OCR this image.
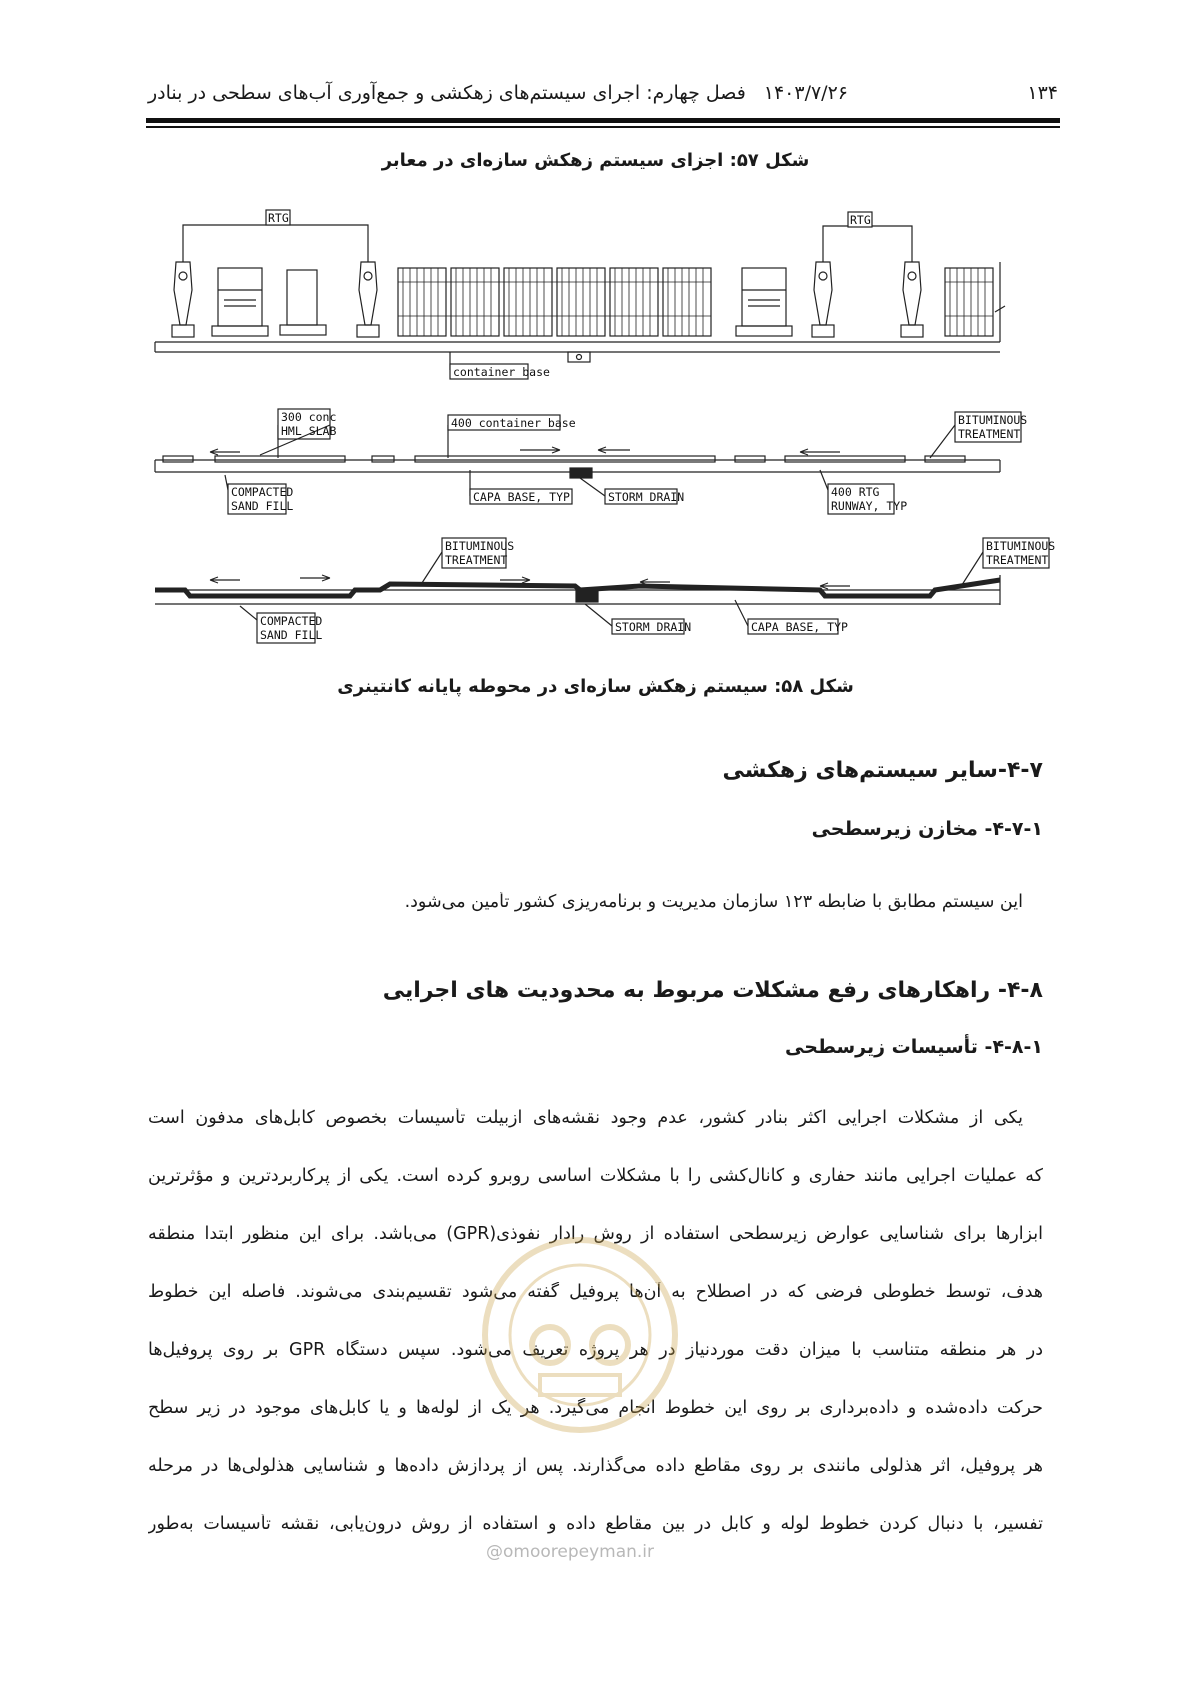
۱۳۴
۱۴۰۳/۷/۲۶
فصل چهارم: اجرای سیستم‌های زهکشی و جمع‌آوری آب‌های سطحی در بنادر
شکل ۵۷: اجزای سیستم زهکش سازه‌ای در معابر
RTG	RTG
container base
300 conc
HML SLAB
400 container base	BITUMINOUS
TREATMENT
COMPACTED
SAND FILL
CAPA BASE, TYP	STORM DRAIN	400 RTG
RUNWAY, TYP
BITUMINOUS
TREATMENT
BITUMINOUS
TREATMENT
COMPACTED
SAND FILL
STORM DRAIN	CAPA BASE, TYP
شکل ۵۸: سیستم زهکش سازه‌ای در محوطه پایانه کانتینری
۴-۷-سایر سیستم‌های زهکشی
۴-۷-۱- مخازن زیرسطحی
این سیستم مطابق با ضابطه ۱۲۳ سازمان مدیریت و برنامه‌ریزی کشور تأمین می‌شود.
۴-۸- راهکارهای رفع مشکلات مربوط به محدودیت های اجرایی
۴-۸-۱- تأسیسات زیرسطحی
یکی از مشکلات اجرایی اکثر بنادر کشور، عدم وجود نقشه‌های ازبیلت تأسیسات بخصوص کابل‌های مدفون است
که عملیات اجرایی مانند حفاری و کانال‌کشی را با مشکلات اساسی روبرو کرده است. یکی از پرکاربردترین و مؤثرترین
ابزارها برای شناسایی عوارض زیرسطحی استفاده از روش رادار نفوذی(GPR) می‌باشد. برای این منظور ابتدا منطقه
هدف، توسط خطوطی فرضی که در اصطلاح به آن‌ها پروفیل گفته می‌شود تقسیم‌بندی می‌شوند. فاصله این خطوط
در هر منطقه متناسب با میزان دقت موردنیاز در هر پروژه تعریف می‌شود. سپس دستگاه GPR بر روی پروفیل‌ها
حرکت داده‌شده و داده‌برداری بر روی این خطوط انجام می‌گیرد. هر یک از لوله‌ها و یا کابل‌های موجود در زیر سطح
هر پروفیل، اثر هذلولی مانندی بر روی مقاطع داده می‌گذارند. پس از پردازش داده‌ها و شناسایی هذلولی‌ها در مرحله
تفسیر، با دنبال کردن خطوط لوله و کابل در بین مقاطع داده و استفاده از روش درون‌یابی، نقشه تأسیسات به‌طور
@omoorepeyman.ir
